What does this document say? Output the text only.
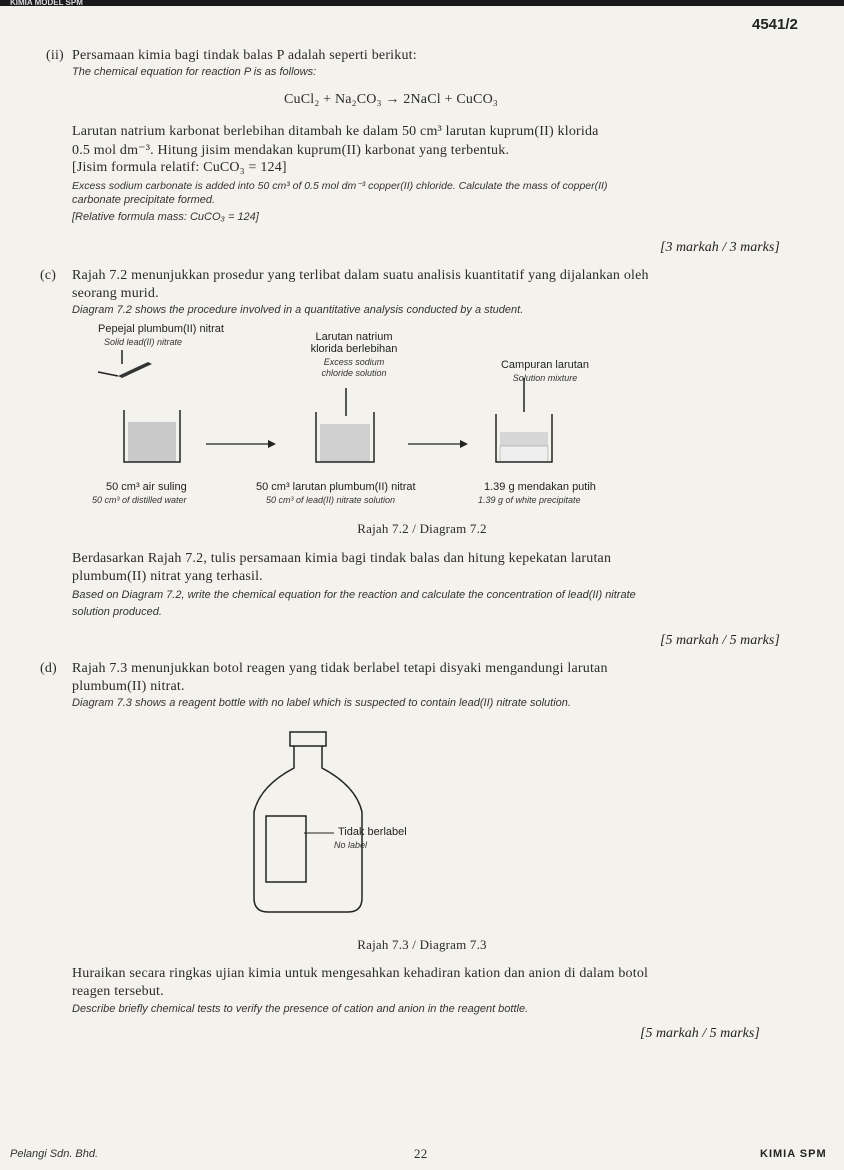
KIMIA MODEL SPM
4541/2
(ii) Persamaan kimia bagi tindak balas P adalah seperti berikut:
The chemical equation for reaction P is as follows:
CuCl₂ + Na₂CO₃ → 2NaCl + CuCO₃
Larutan natrium karbonat berlebihan ditambah ke dalam 50 cm³ larutan kuprum(II) klorida
0.5 mol dm⁻³. Hitung jisim mendakan kuprum(II) karbonat yang terbentuk.
[Jisim formula relatif: CuCO₃ = 124]
Excess sodium carbonate is added into 50 cm³ of 0.5 mol dm⁻³ copper(II) chloride. Calculate the mass of copper(II)
carbonate precipitate formed.
[Relative formula mass: CuCO₃ = 124]
[3 markah / 3 marks]
(c) Rajah 7.2 menunjukkan prosedur yang terlibat dalam suatu analisis kuantitatif yang dijalankan oleh
seorang murid.
Diagram 7.2 shows the procedure involved in a quantitative analysis conducted by a student.
Pepejal plumbum(II) nitrat
Solid lead(II) nitrate	Larutan natrium
klorida berlebihan
Excess sodium
chloride solution
Campuran larutan
Solution mixture
50 cm³ air suling
50 cm³ of distilled water
50 cm³ larutan plumbum(II) nitrat
50 cm³ of lead(II) nitrate solution
1.39 g mendakan putih
1.39 g of white precipitate
Rajah 7.2 / Diagram 7.2
Berdasarkan Rajah 7.2, tulis persamaan kimia bagi tindak balas dan hitung kepekatan larutan
plumbum(II) nitrat yang terhasil.
Based on Diagram 7.2, write the chemical equation for the reaction and calculate the concentration of lead(II) nitrate
solution produced.
[5 markah / 5 marks]
(d) Rajah 7.3 menunjukkan botol reagen yang tidak berlabel tetapi disyaki mengandungi larutan
plumbum(II) nitrat.
Diagram 7.3 shows a reagent bottle with no label which is suspected to contain lead(II) nitrate solution.
Tidak berlabel
No label
Rajah 7.3 / Diagram 7.3
Huraikan secara ringkas ujian kimia untuk mengesahkan kehadiran kation dan anion di dalam botol
reagen tersebut.
Describe briefly chemical tests to verify the presence of cation and anion in the reagent bottle.
[5 markah / 5 marks]
Pelangi Sdn. Bhd.	22	KIMIA SPM
